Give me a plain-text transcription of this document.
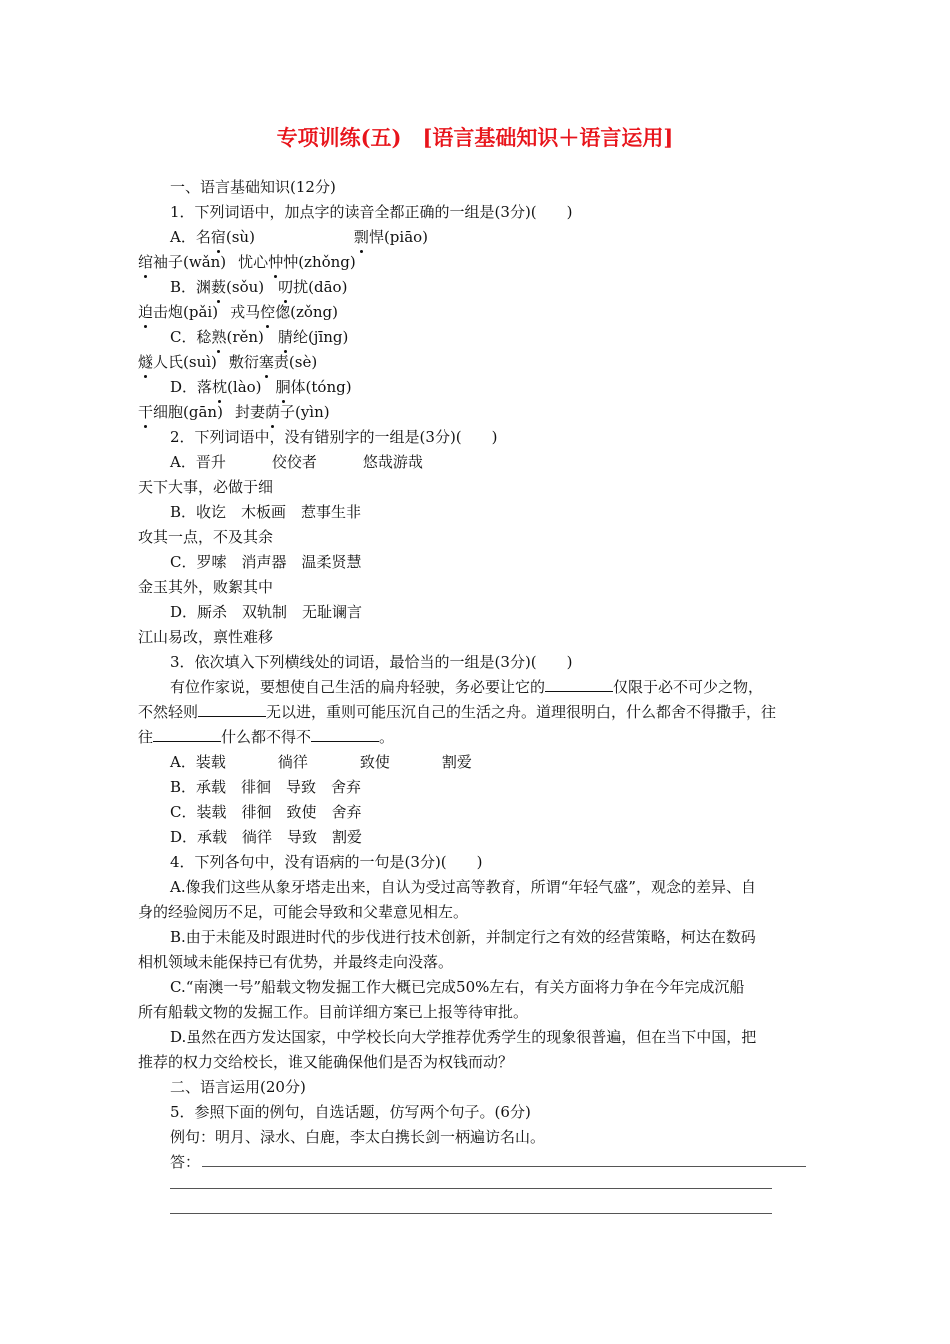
专项训练(五)　[语言基础知识＋语言运用]
一、语言基础知识(12分)
1．下列词语中，加点字的读音全都正确的一组是(3分)(　　)
A．名宿(sù)	剽悍(piāo)
绾袖子(wǎn) 忧心忡忡(zhǒng)
B．渊薮(sǒu) 叨扰(dāo)
迫击炮(pǎi) 戎马倥偬(zǒng)
C．稔熟(rěn) 腈纶(jīng)
燧人氏(suì) 敷衍塞责(sè)
D．落枕(lào) 胴体(tóng)
干细胞(gān) 封妻荫子(yìn)
2．下列词语中，没有错别字的一组是(3分)(　　)
A．晋升	佼佼者	悠哉游哉
天下大事，必做于细
B．收讫　木板画　惹事生非
攻其一点，不及其余
C．罗嗦　消声器　温柔贤慧
金玉其外，败絮其中
D．厮杀　双轨制　无耻谰言
江山易改，禀性难移
3．依次填入下列横线处的词语，最恰当的一组是(3分)(　　)
有位作家说，要想使自己生活的扁舟轻驶，务必要让它的	仅限于必不可少之物，
不然轻则	无以进，重则可能压沉自己的生活之舟。道理很明白，什么都舍不得撒手，往
往	什么都不得不	。
A．装载	徜徉	致使	割爱
B．承载　徘徊　导致　舍弃
C．装载　徘徊　致使　舍弃
D．承载　徜徉　导致　割爱
4．下列各句中，没有语病的一句是(3分)(　　)
A.像我们这些从象牙塔走出来，自认为受过高等教育，所谓“年轻气盛”，观念的差异、自
身的经验阅历不足，可能会导致和父辈意见相左。
B.由于未能及时跟进时代的步伐进行技术创新，并制定行之有效的经营策略，柯达在数码
相机领域未能保持已有优势，并最终走向没落。
C.“南澳一号”船载文物发掘工作大概已完成50%左右，有关方面将力争在今年完成沉船
所有船载文物的发掘工作。目前详细方案已上报等待审批。
D.虽然在西方发达国家，中学校长向大学推荐优秀学生的现象很普遍，但在当下中国，把
推荐的权力交给校长，谁又能确保他们是否为权钱而动？
二、语言运用(20分)
5．参照下面的例句，自选话题，仿写两个句子。(6分)
例句：明月、渌水、白鹿，李太白携长剑一柄遍访名山。
答：
